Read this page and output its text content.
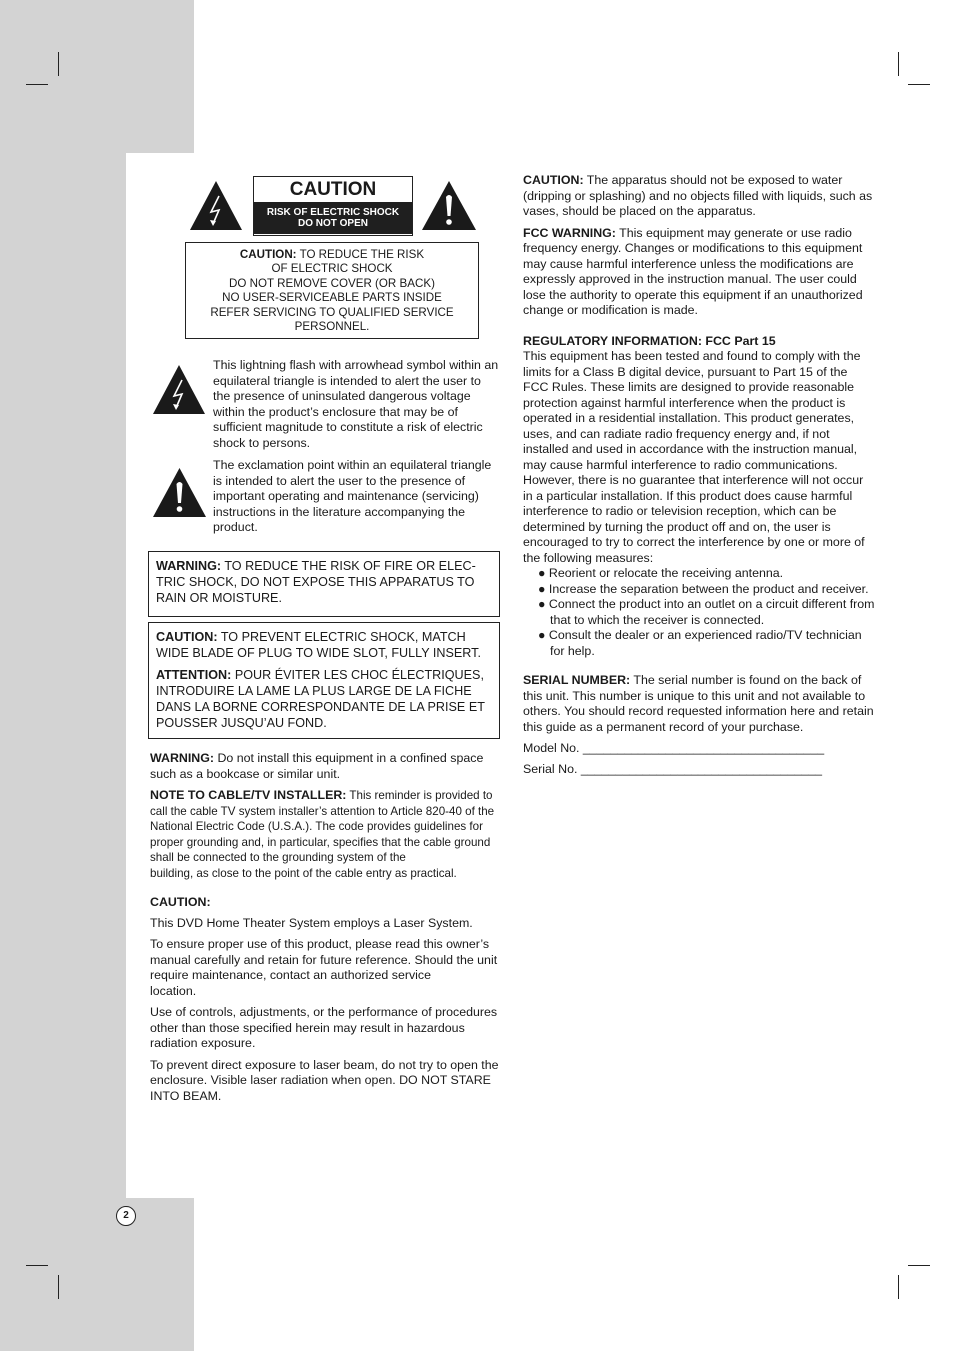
CAUTION
RISK OF ELECTRIC SHOCK
DO NOT OPEN
CAUTION: TO REDUCE THE RISK
OF ELECTRIC SHOCK
DO NOT REMOVE COVER (OR BACK)
NO USER-SERVICEABLE PARTS INSIDE
REFER SERVICING TO QUALIFIED SERVICE
PERSONNEL.
This lightning flash with arrowhead symbol within an equilateral triangle is intended to alert the user to the presence of uninsulated dangerous voltage within the product’s enclosure that may be of sufficient magnitude to constitute a risk of electric shock to persons.
The exclamation point within an equilateral triangle is intended to alert the user to the presence of important operating and maintenance (servicing) instructions in the literature accompanying the product.
WARNING: TO REDUCE THE RISK OF FIRE OR ELEC-TRIC SHOCK, DO NOT EXPOSE THIS APPARATUS TO RAIN OR MOISTURE.

CAUTION: TO PREVENT ELECTRIC SHOCK, MATCH WIDE BLADE OF PLUG TO WIDE SLOT, FULLY INSERT.

ATTENTION: POUR ÉVITER LES CHOC ÉLECTRIQUES, INTRODUIRE LA LAME LA PLUS LARGE DE LA FICHE DANS LA BORNE CORRESPONDANTE DE LA PRISE ET POUSSER JUSQU’AU FOND.

WARNING: Do not install this equipment in a confined space such as a bookcase or similar unit.

NOTE TO CABLE/TV INSTALLER: This reminder is provided to call the cable TV system installer’s attention to Article 820-40 of the National Electric Code (U.S.A.). The code provides guidelines for proper grounding and, in particular, specifies that the cable ground shall be connected to the grounding system of the

building, as close to the point of the cable entry as practical.

CAUTION:

This DVD Home Theater System employs a Laser System.

To ensure proper use of this product, please read this owner’s manual carefully and retain for future reference. Should the unit require maintenance, contact an authorized service

location.

Use of controls, adjustments, or the performance of procedures other than those specified herein may result in hazardous radiation exposure.

To prevent direct exposure to laser beam, do not try to open the enclosure. Visible laser radiation when open. DO NOT STARE INTO BEAM.

CAUTION: The apparatus should not be exposed to water (dripping or splashing) and no objects filled with liquids, such as vases, should be placed on the apparatus.

FCC WARNING: This equipment may generate or use radio frequency energy. Changes or modifications to this equipment may cause harmful interference unless the modifications are expressly approved in the instruction manual. The user could lose the authority to operate this equipment if an unauthorized change or modification is made.

REGULATORY INFORMATION: FCC Part 15

This equipment has been tested and found to comply with the limits for a Class B digital device, pursuant to Part 15 of the FCC Rules. These limits are designed to provide reasonable protection against harmful interference when the product is operated in a residential installation. This product generates, uses, and can radiate radio frequency energy and, if not installed and used in accordance with the instruction manual, may cause harmful interference to radio communications. However, there is no guarantee that interference will not occur in a particular installation. If this product does cause harmful interference to radio or television reception, which can be determined by turning the product off and on, the user is encouraged to try to correct the interference by one or more of the following measures:

● Reorient or relocate the receiving antenna.
● Increase the separation between the product and receiver.
● Connect the product into an outlet on a circuit different from that to which the receiver is connected.
● Consult the dealer or an experienced radio/TV technician for help.

SERIAL NUMBER: The serial number is found on the back of this unit. This number is unique to this unit and not available to others. You should record requested information here and retain this guide as a permanent record of your purchase.

Model No. ___________________________________

Serial No. ___________________________________

2
